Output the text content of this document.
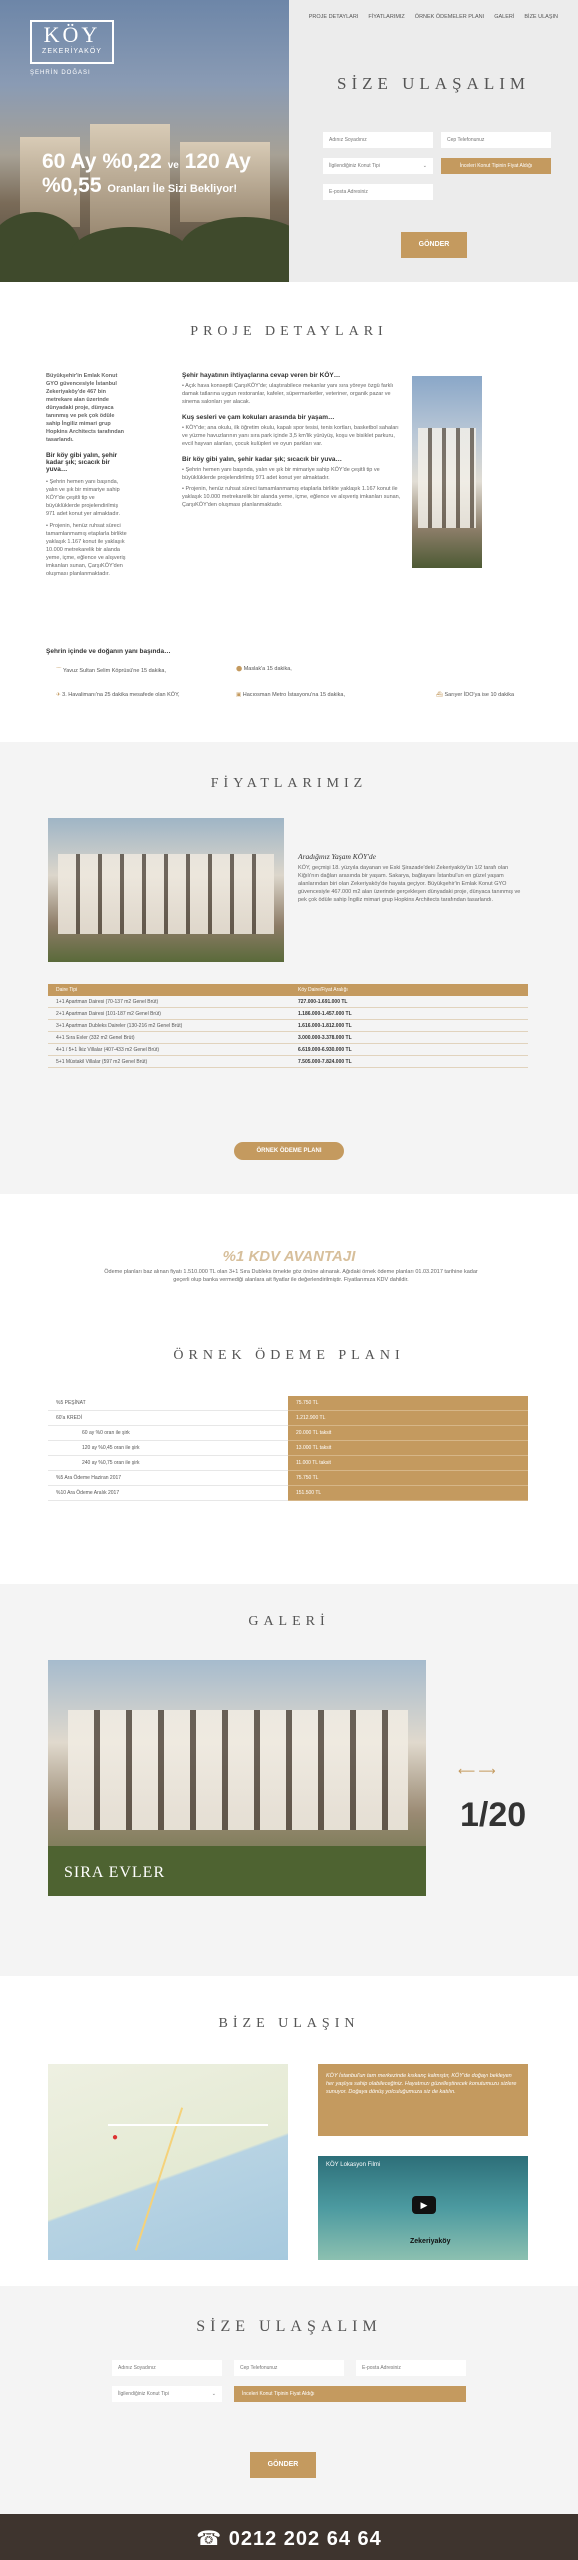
KÖY
ZEKERİYAKÖY
ŞEHRİN DOĞASI
60 Ay %0,22 ve 120 Ay
%0,55 Oranları İle Sizi Bekliyor!
PROJE DETAYLARI FİYATLARIMIZ ÖRNEK ÖDEMELER PLANI GALERİ BİZE ULAŞIN
SİZE ULAŞALIM
Adınız Soyadınız	Cep Telefonunuz
İlgilendiğiniz Konut Tipi	⌄	İnceleri Konut Tipinin Fiyat Aldığı
E-posta Adresiniz
GÖNDER
PROJE DETAYLARI
Büyükşehir'in Emlak Konut GYO güvencesiyle İstanbul Zekeriyaköy'de 467 bin metrekare alan üzerinde dünyadaki proje, dünyaca tanınmış ve pek çok ödüle sahip İngiliz mimari grup Hopkins Architects tarafından tasarlandı.
Bir köy gibi yalın, şehir kadar şık; sıcacık bir yuva…
• Şehrin hemen yanı başında, yalın ve şık bir mimariye sahip KÖY'de çeşitli tip ve büyüklüklerde projelendirilmiş 971 adet konut yer almaktadır.
• Projenin, henüz ruhsat süreci tamamlanmamış etaplarla birlikte yaklaşık 1.167 konut ile yaklaşık 10.000 metrekarelik bir alanda yeme, içme, eğlence ve alışveriş imkanları sunan, ÇarşıKÖY'den oluşması planlanmaktadır.
Şehir hayatının ihtiyaçlarına cevap veren bir KÖY…
• Açık hava konseptli ÇarşıKÖY'de; ulaştırabilece mekanlar yanı sıra yöreye özgü farklı damak tatlarına uygun restoranlar, kafeler, süpermarketler, veteriner, organik pazar ve sinema salonları yer alacak.
Kuş sesleri ve çam kokuları arasında bir yaşam…
• KÖY'de; ana okulu, ilk öğretim okulu, kapalı spor tesisi, tenis kortları, basketbol sahaları ve yüzme havuzlarının yanı sıra park içinde 3,5 km'lik yürüyüş, koşu ve bisiklet parkuru, evcil hayvan alanları, çocuk kulüpleri ve oyun parkları var.
Bir köy gibi yalın, şehir kadar şık; sıcacık bir yuva…
• Şehrin hemen yanı başında, yalın ve şık bir mimariye sahip KÖY'de çeşitli tip ve büyüklüklerde projelendirilmiş 971 adet konut yer almaktadır.
• Projenin, henüz ruhsat süreci tamamlanmamış etaplarla birlikte yaklaşık 1.167 konut ile yaklaşık 10.000 metrekarelik bir alanda yeme, içme, eğlence ve alışveriş imkanları sunan, ÇarşıKÖY'den oluşması planlanmaktadır.
Şehrin içinde ve doğanın yanı başında…
⌒ Yavuz Sultan Selim Köprüsü'ne 15 dakika,	⬤ Maslak'a 15 dakika,
✈ 3. Havalimanı'na 25 dakika mesafede olan KÖY,	▣ Hacıosman Metro İstasyonu'na 15 dakika,	⛴ Sarıyer İDO'ya ise 10 dakika
FİYATLARIMIZ
Aradığınız Yaşam KÖY'de
KÖY, geçmişi 18. yüzyıla dayanan ve Eski Şirazade'deki Zekeriyaköy'ün 1/2 tarafı olan Kiğılı'nın dağları arasında bir yaşam. Sakarya, bağlayanı İstanbul'un en güzel yaşam alanlarından biri olan Zekeriyaköy'de hayata geçiyor. Büyükşehir'in Emlak Konut GYO güvencesiyle 467.000 m2 alan üzerinde gerçekleşen dünyadaki proje, dünyaca tanınmış ve pek çok ödüle sahip İngiliz mimari grup Hopkins Architects tarafından tasarlandı.
Daire Tipi	Köy Daire/Fiyat Aralığı
1+1 Apartman Dairesi (70-137 m2 Genel Brüt)	727.000-1.691.000 TL
2+1 Apartman Dairesi (101-187 m2 Genel Brüt)	1.186.000-1.457.000 TL
3+1 Apartman Dubleks Daireler (130-216 m2 Genel Brüt)	1.616.000-1.812.000 TL
4+1 Sıra Evler (332 m2 Genel Brüt)	3.000.000-3.378.000 TL
4+1 / 5+1 İkiz Villalar (407-433 m2 Genel Brüt)	6.619.000-6.930.000 TL
5+1 Müstakil Villalar (597 m2 Genel Brüt)	7.505.000-7.824.000 TL
ÖRNEK ÖDEME PLANI
%1 KDV AVANTAJI
Ödeme planları baz alınan fiyatı 1.510.000 TL olan 3+1 Sıra Dubleks örnekte göz önüne alınarak. Ağıdaki örnek ödeme planları 01.03.2017 tarihine kadar geçerli olup banka vermediği alanlara ait fiyatlar ile değerlendirilmiştir. Fiyatlarımıza KDV dahildir.
ÖRNEK ÖDEME PLANI
%5 PEŞİNAT	75.750 TL
60'a KREDİ	1.212.900 TL
60 ay %0 oran ile şirk	20.000 TL taksit
120 ay %0,45 oran ile şirk	13.000 TL taksit
240 ay %0,75 oran ile şirk	11.000 TL taksit
%5 Ara Ödeme Haziran 2017	75.750 TL
%10 Ara Ödeme Aralık 2017	151.500 TL
GALERİ
SIRA EVLER
⟵ ⟶
1/20
BİZE ULAŞIN
●
KÖY İstanbul'un tam merkezinde kıskanç kalmıştır, KÖY'de doğayı bekleyen her yaşlıya sahip olabileceğiniz. Hayatınızı güzelleştirecek konutumuzu sizlere sunuyor. Doğaya dönüş yolculuğumuza siz de katılın.
KÖY Lokasyon Filmi
▶
Zekeriyaköy
SİZE ULAŞALIM
Adınız Soyadınız	Cep Telefonunuz	E-posta Adresiniz
İlgilendiğiniz Konut Tipi	⌄	İnceleri Konut Tipinin Fiyat Aldığı
GÖNDER
☎ 0212 202 64 64
